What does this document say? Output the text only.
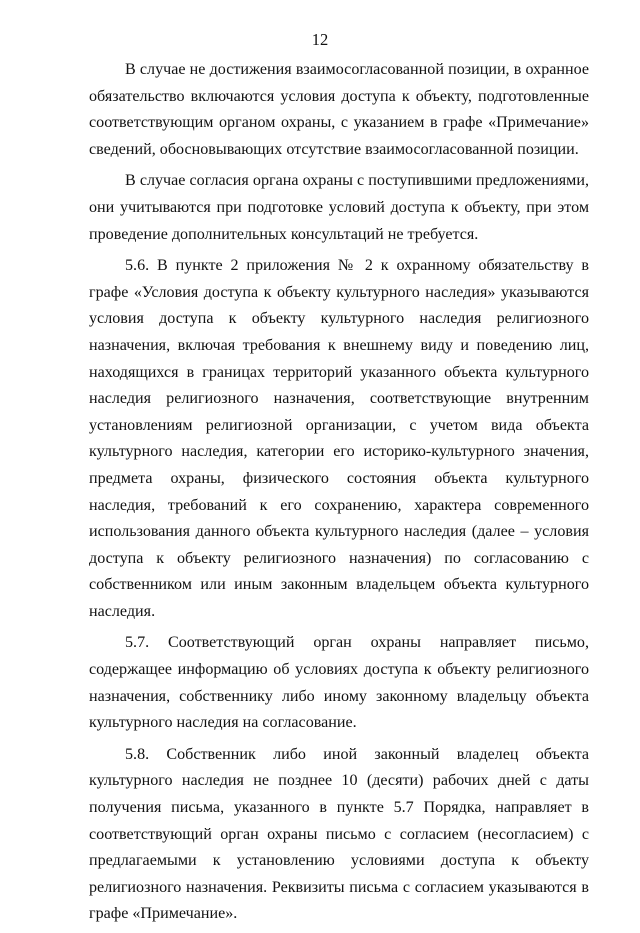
12

В случае не достижения взаимосогласованной позиции, в охранное обязательство включаются условия доступа к объекту, подготовленные соответствующим органом охраны, с указанием в графе «Примечание» сведений, обосновывающих отсутствие взаимосогласованной позиции.

В случае согласия органа охраны с поступившими предложениями, они учитываются при подготовке условий доступа к объекту, при этом проведение дополнительных консультаций не требуется.

5.6. В пункте 2 приложения № 2 к охранному обязательству в графе «Условия доступа к объекту культурного наследия» указываются условия доступа к объекту культурного наследия религиозного назначения, включая требования к внешнему виду и поведению лиц, находящихся в границах территорий указанного объекта культурного наследия религиозного назначения, соответствующие внутренним установлениям религиозной организации, с учетом вида объекта культурного наследия, категории его историко-культурного значения, предмета охраны, физического состояния объекта культурного наследия, требований к его сохранению, характера современного использования данного объекта культурного наследия (далее – условия доступа к объекту религиозного назначения) по согласованию с собственником или иным законным владельцем объекта культурного наследия.

5.7. Соответствующий орган охраны направляет письмо, содержащее информацию об условиях доступа к объекту религиозного назначения, собственнику либо иному законному владельцу объекта культурного наследия на согласование.

5.8. Собственник либо иной законный владелец объекта культурного наследия не позднее 10 (десяти) рабочих дней с даты получения письма, указанного в пункте 5.7 Порядка, направляет в соответствующий орган охраны письмо с согласием (несогласием) с предлагаемыми к установлению условиями доступа к объекту религиозного назначения. Реквизиты письма с согласием указываются в графе «Примечание».
